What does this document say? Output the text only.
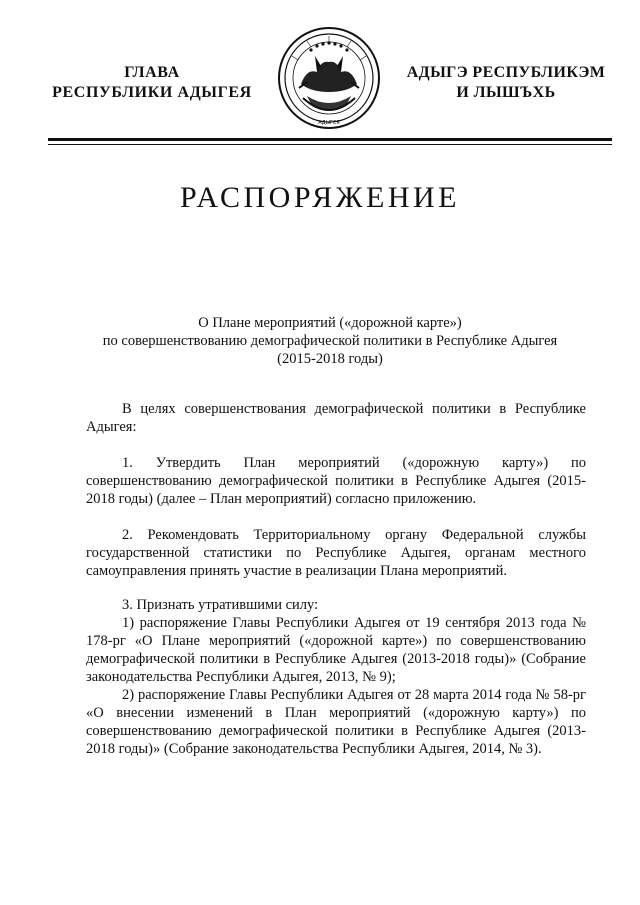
ГЛАВА
РЕСПУБЛИКИ АДЫГЕЯ
АДЫГЕЯ
АДЫГЭ РЕСПУБЛИКЭМ
И ЛЫШЪХЬ
РАСПОРЯЖЕНИЕ
О Плане мероприятий («дорожной карте»)
по совершенствованию демографической политики в Республике Адыгея
(2015-2018 годы)

В целях совершенствования демографической политики в Республике Адыгея:

1. Утвердить План мероприятий («дорожную карту») по совершенствованию демографической политики в Республике Адыгея (2015-2018 годы) (далее – План мероприятий) согласно приложению.

2. Рекомендовать Территориальному органу Федеральной службы государственной статистики по Республике Адыгея, органам местного самоуправления принять участие в реализации Плана мероприятий.

3. Признать утратившими силу:

1) распоряжение Главы Республики Адыгея от 19 сентября 2013 года № 178-рг «О Плане мероприятий («дорожной карте») по совершенствованию демографической политики в Республике Адыгея (2013-2018 годы)» (Собрание законодательства Республики Адыгея, 2013, № 9);

2) распоряжение Главы Республики Адыгея от 28 марта 2014 года № 58-рг «О внесении изменений в План мероприятий («дорожную карту») по совершенствованию демографической политики в Республике Адыгея (2013-2018 годы)» (Собрание законодательства Республики Адыгея, 2014, № 3).
